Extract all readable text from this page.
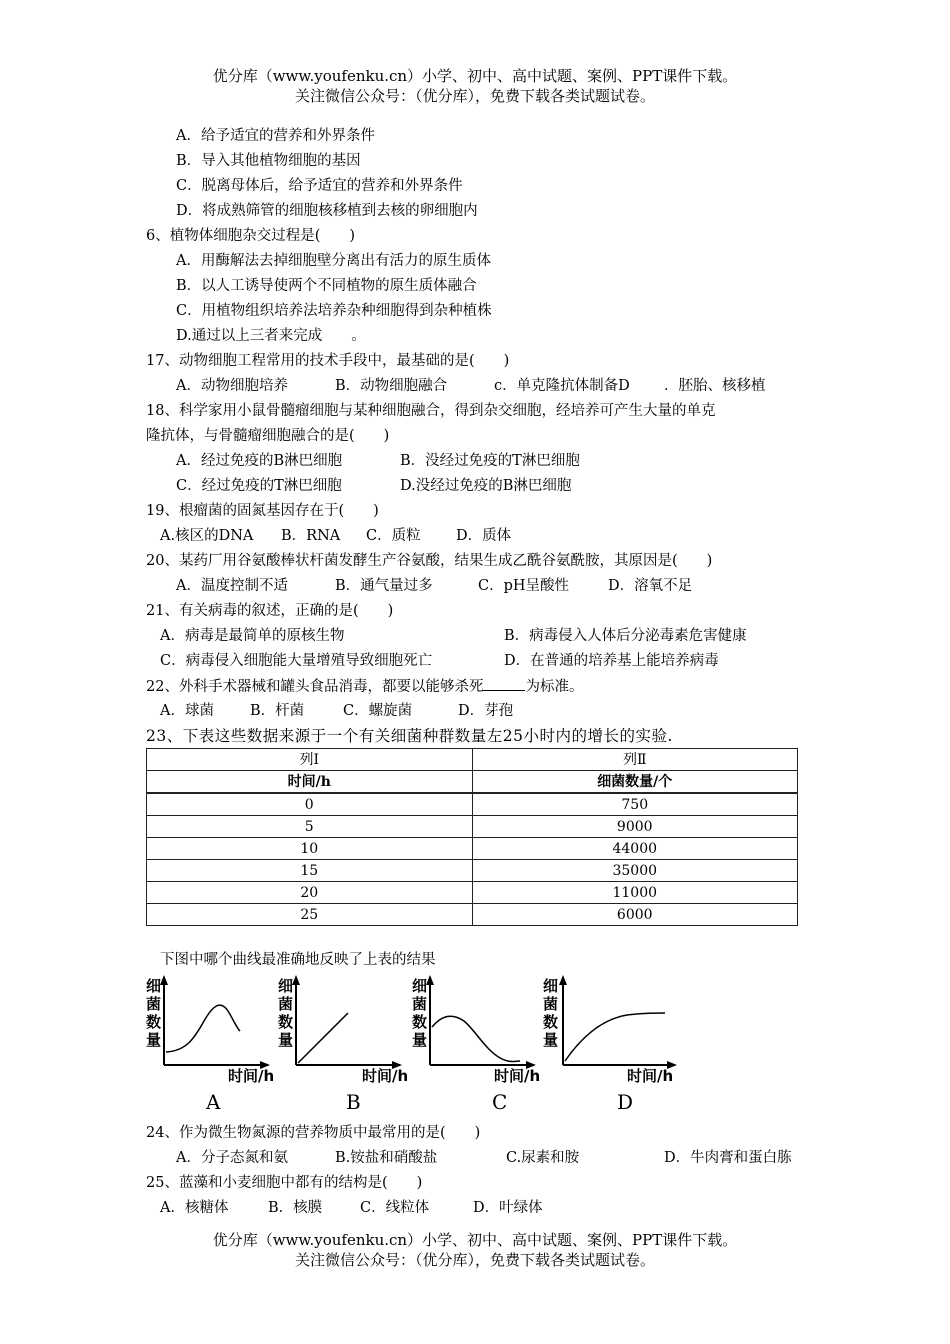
优分库（www.youfenku.cn）小学、初中、高中试题、案例、PPT课件下载。
关注微信公众号：（优分库），免费下载各类试题试卷。
A．给予适宜的营养和外界条件
B．导入其他植物细胞的基因
C．脱离母体后，给予适宜的营养和外界条件
D．将成熟筛管的细胞核移植到去核的卵细胞内
6、植物体细胞杂交过程是(　　)
A．用酶解法去掉细胞壁分离出有活力的原生质体
B．以人工诱导使两个不同植物的原生质体融合
C．用植物组织培养法培养杂种细胞得到杂种植株
D.通过以上三者来完成　　。
17、动物细胞工程常用的技术手段中，最基础的是(　　)
A．动物细胞培养	B．动物细胞融合	c．单克隆抗体制备D ．胚胎、核移植
18、科学家用小鼠骨髓瘤细胞与某种细胞融合，得到杂交细胞，经培养可产生大量的单克
隆抗体，与骨髓瘤细胞融合的是(　　)
A．经过免疫的B淋巴细胞	B．没经过免疫的T淋巴细胞
C．经过免疫的T淋巴细胞	D.没经过免疫的B淋巴细胞
19、根瘤菌的固氮基因存在于(　　)
A.核区的DNA B．RNA C．质粒 D．质体
20、某药厂用谷氨酸棒状杆菌发酵生产谷氨酸，结果生成乙酰谷氨酰胺，其原因是(　　)
A．温度控制不适	B．通气量过多	C．pH呈酸性	D．溶氧不足
21、有关病毒的叙述，正确的是(　　)
A．病毒是最简单的原核生物	B．病毒侵入人体后分泌毒素危害健康
C．病毒侵入细胞能大量增殖导致细胞死亡	D．在普通的培养基上能培养病毒
22、外科手术器械和罐头食品消毒，都要以能够杀死	为标准。
A．球菌 B．杆菌	C．螺旋菌	D．芽孢
23、下表这些数据来源于一个有关细菌种群数量左25小时内的增长的实验.
列Ⅰ	列Ⅱ
时间/h	细菌数量/个
0	750
5	9000
10	44000
15	35000
20	11000
25	6000
下图中哪个曲线最准确地反映了上表的结果
细
菌
数
量
时间/h
A
细
菌
数
量
时间/h
B
细
菌
数
量
时间/h
C
细
菌
数
量
时间/h
D
24、作为微生物氮源的营养物质中最常用的是(　　)
A．分子态氮和氨	B.铵盐和硝酸盐	C.尿素和胺	D．牛肉膏和蛋白胨
25、蓝藻和小麦细胞中都有的结构是(　　)
A．核糖体	B．核膜	C．线粒体	D．叶绿体
优分库（www.youfenku.cn）小学、初中、高中试题、案例、PPT课件下载。
关注微信公众号：（优分库），免费下载各类试题试卷。
